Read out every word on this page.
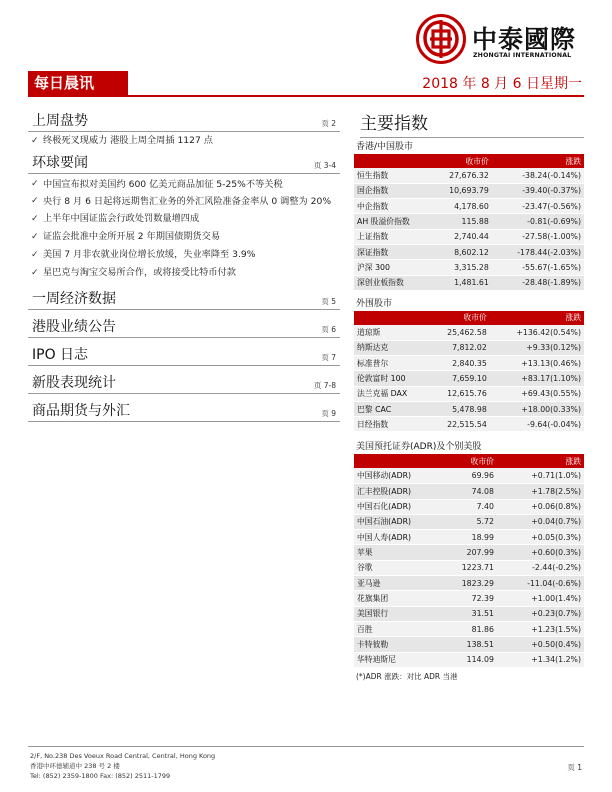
中泰國際
ZHONGTAI INTERNATIONAL
每日晨讯	2018 年 8 月 6 日星期一
上周盘势	页 2
✓ 终极死叉现威力 港股上周全周插 1127 点
环球要闻	页 3-4
✓ 中国宣布拟对美国约 600 亿美元商品加征 5-25%不等关税
✓ 央行 8 月 6 日起将远期售汇业务的外汇风险准备金率从 0 调整为 20%
✓ 上半年中国证监会行政处罚数量增四成
✓ 证监会批准中金所开展 2 年期国债期货交易
✓ 美国 7 月非农就业岗位增长放缓，失业率降至 3.9%
✓ 星巴克与淘宝交易所合作，或将接受比特币付款
一周经济数据	页 5
港股业绩公告	页 6
IPO 日志	页 7
新股表现统计	页 7-8
商品期货与外汇	页 9
主要指数
香港/中国股市
	收市价	涨跌
恒生指数	27,676.32	-38.24(-0.14%)
国企指数	10,693.79	-39.40(-0.37%)
中企指数	4,178.60	-23.47(-0.56%)
AH 股溢价指数	115.88	-0.81(-0.69%)
上证指数	2,740.44	-27.58(-1.00%)
深证指数	8,602.12	-178.44(-2.03%)
沪深 300	3,315.28	-55.67(-1.65%)
深创业板指数	1,481.61	-28.48(-1.89%)
外围股市
	收市价	涨跌
道琼斯	25,462.58	+136.42(0.54%)
纳斯达克	7,812.02	+9.33(0.12%)
标准普尔	2,840.35	+13.13(0.46%)
伦敦富时 100	7,659.10	+83.17(1.10%)
法兰克福 DAX	12,615.76	+69.43(0.55%)
巴黎 CAC	5,478.98	+18.00(0.33%)
日经指数	22,515.54	-9.64(-0.04%)
美国预托证券(ADR)及个别美股
	收市价	涨跌
中国移动(ADR)	69.96	+0.71(1.0%)
汇丰控股(ADR)	74.08	+1.78(2.5%)
中国石化(ADR)	7.40	+0.06(0.8%)
中国石油(ADR)	5.72	+0.04(0.7%)
中国人寿(ADR)	18.99	+0.05(0.3%)
苹果	207.99	+0.60(0.3%)
谷歌	1223.71	-2.44(-0.2%)
亚马逊	1823.29	-11.04(-0.6%)
花旗集团	72.39	+1.00(1.4%)
美国银行	31.51	+0.23(0.7%)
百胜	81.86	+1.23(1.5%)
卡特彼勒	138.51	+0.50(0.4%)
华特迪斯尼	114.09	+1.34(1.2%)
(*)ADR 涨跌：对比 ADR 当港
2/F, No.238 Des Voeux Road Central, Central, Hong Kong
香港中环德辅道中 238 号 2 楼
Tel: (852) 2359-1800 Fax: (852) 2511-1799
页 1
